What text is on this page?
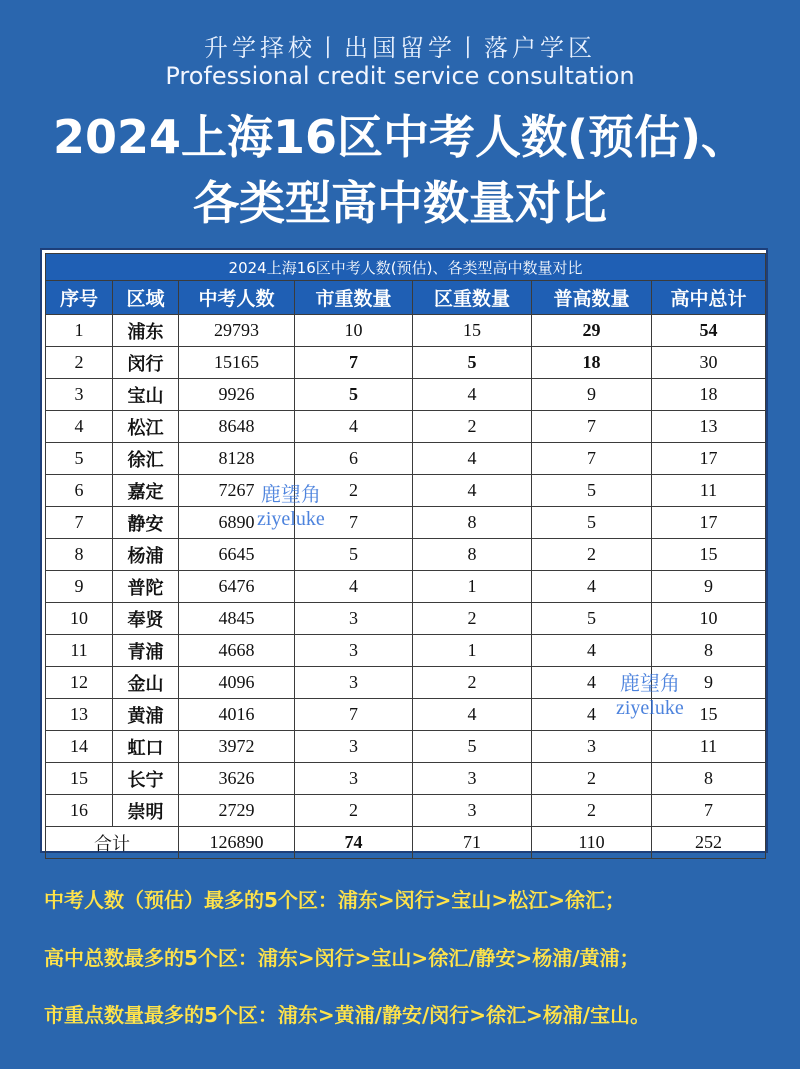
升学择校丨出国留学丨落户学区
Professional credit service consultation
2024上海16区中考人数(预估)、各类型高中数量对比
2024上海16区中考人数(预估)、各类型高中数量对比						
序号	区域	中考人数	市重数量	区重数量	普高数量	高中总计
1	浦东	29793	10	15	29	54
2	闵行	15165	7	5	18	30
3	宝山	9926	5	4	9	18
4	松江	8648	4	2	7	13
5	徐汇	8128	6	4	7	17
6	嘉定	7267	2	4	5	11
7	静安	6890	7	8	5	17
8	杨浦	6645	5	8	2	15
9	普陀	6476	4	1	4	9
10	奉贤	4845	3	2	5	10
11	青浦	4668	3	1	4	8
12	金山	4096	3	2	4	9
13	黄浦	4016	7	4	4	15
14	虹口	3972	3	5	3	11
15	长宁	3626	3	3	2	8
16	崇明	2729	2	3	2	7
合计		126890	74	71	110	252
鹿望角
ziyeluke
鹿望角
ziyeluke
中考人数（预估）最多的5个区：浦东>闵行>宝山>松江>徐汇；
高中总数最多的5个区：浦东>闵行>宝山>徐汇/静安>杨浦/黄浦；
市重点数量最多的5个区：浦东>黄浦/静安/闵行>徐汇>杨浦/宝山。
